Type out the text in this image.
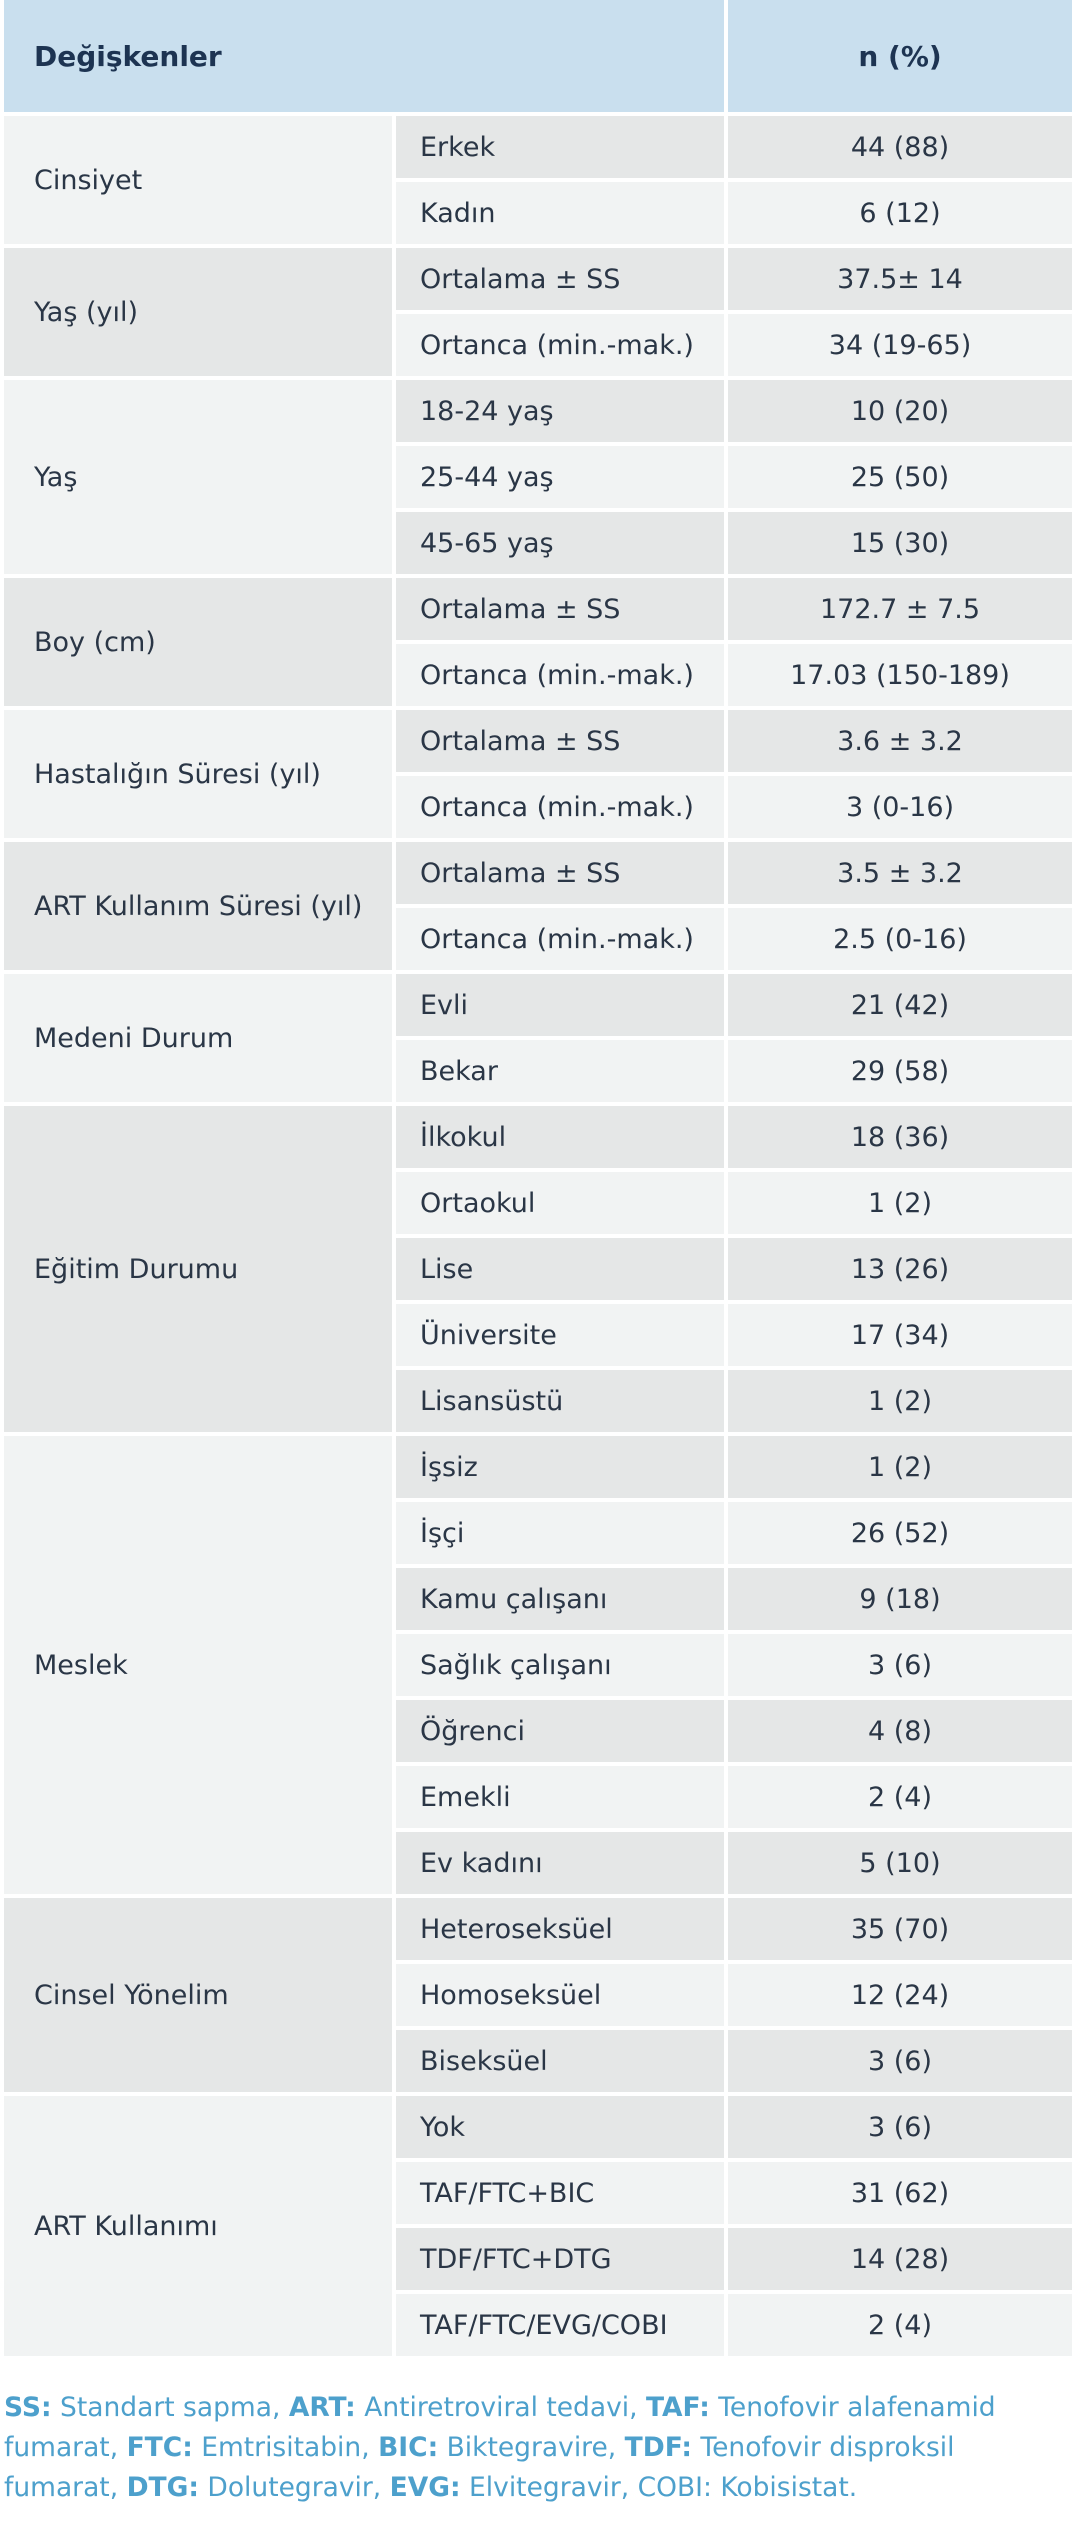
Değişkenler		n (%)
Cinsiyet	Erkek	44 (88)
	Kadın	6 (12)
Yaş (yıl)	Ortalama ± SS	37.5± 14
	Ortanca (min.-mak.)	34 (19-65)
Yaş	18-24 yaş	10 (20)
	25-44 yaş	25 (50)
	45-65 yaş	15 (30)
Boy (cm)	Ortalama ± SS	172.7 ± 7.5
	Ortanca (min.-mak.)	17.03 (150-189)
Hastalığın Süresi (yıl)	Ortalama ± SS	3.6 ± 3.2
	Ortanca (min.-mak.)	3 (0-16)
ART Kullanım Süresi (yıl)	Ortalama ± SS	3.5 ± 3.2
	Ortanca (min.-mak.)	2.5 (0-16)
Medeni Durum	Evli	21 (42)
	Bekar	29 (58)
Eğitim Durumu	İlkokul	18 (36)
	Ortaokul	1 (2)
	Lise	13 (26)
	Üniversite	17 (34)
	Lisansüstü	1 (2)
Meslek	İşsiz	1 (2)
	İşçi	26 (52)
	Kamu çalışanı	9 (18)
	Sağlık çalışanı	3 (6)
	Öğrenci	4 (8)
	Emekli	2 (4)
	Ev kadını	5 (10)
Cinsel Yönelim	Heteroseksüel	35 (70)
	Homoseksüel	12 (24)
	Biseksüel	3 (6)
ART Kullanımı	Yok	3 (6)
	TAF/FTC+BIC	31 (62)
	TDF/FTC+DTG	14 (28)
	TAF/FTC/EVG/COBI	2 (4)
SS: Standart sapma, ART: Antiretroviral tedavi, TAF: Tenofovir alafenamid fumarat, FTC: Emtrisitabin, BIC: Biktegravire, TDF: Tenofovir disproksil fumarat, DTG: Dolutegravir, EVG: Elvitegravir, COBI: Kobisistat.
